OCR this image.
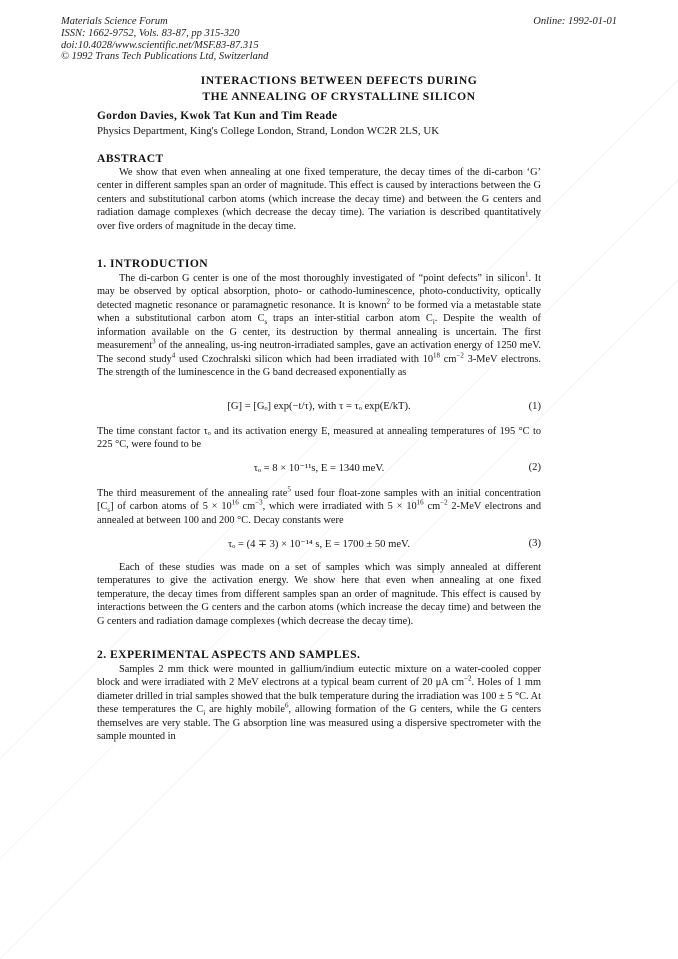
Materials Science Forum
ISSN: 1662-9752, Vols. 83-87, pp 315-320
doi:10.4028/www.scientific.net/MSF.83-87.315
© 1992 Trans Tech Publications Ltd, Switzerland
Online: 1992-01-01
INTERACTIONS BETWEEN DEFECTS DURING
THE ANNEALING OF CRYSTALLINE SILICON
Gordon Davies, Kwok Tat Kun and Tim Reade
Physics Department, King's College London, Strand, London WC2R 2LS, UK
ABSTRACT

We show that even when annealing at one fixed temperature, the decay times of the di-carbon ‘G’ center in different samples span an order of magnitude. This effect is caused by interactions between the G centers and substitutional carbon atoms (which increase the decay time) and between the G centers and radiation damage complexes (which decrease the decay time). The variation is described quantitatively over five orders of magnitude in the decay time.

1. INTRODUCTION

The di-carbon G center is one of the most thoroughly investigated of “point defects” in silicon$^1$. It may be observed by optical absorption, photo- or cathodo-luminescence, photo-conductivity, optically detected magnetic resonance or paramagnetic resonance. It is known$^2$ to be formed via a metastable state when a substitutional carbon atom $C_s$ traps an inter-stitial carbon atom $C_i$. Despite the wealth of information available on the G center, its destruction by thermal annealing is uncertain. The first measurement$^3$ of the annealing, us-ing neutron-irradiated samples, gave an activation energy of 1250 meV. The second study$^4$ used Czochralski silicon which had been irradiated with $10^{18}$ $cm^{-2}$ 3-MeV electrons. The strength of the luminescence in the G band decreased exponentially as

[G] = [Gₒ] exp(−t/τ), with τ = τₒ exp(E/kT).	(1)

The time constant factor τₒ and its activation energy E, measured at annealing temperatures of 195 °C to 225 °C, were found to be

τₒ = 8 × 10⁻¹¹s, E = 1340 meV.	(2)

The third measurement of the annealing rate$^5$ used four float-zone samples with an initial concentration $[C_s]$ of carbon atoms of $5 \times 10^{16}$ $cm^{-3}$, which were irradiated with $5 \times 10^{16}$ $cm^{-2}$ 2-MeV electrons and annealed at between 100 and 200 °C. Decay constants were

τₒ = (4 ∓ 3) × 10⁻¹⁴ s, E = 1700 ± 50 meV.	(3)

Each of these studies was made on a set of samples which was simply annealed at different temperatures to give the activation energy. We show here that even when annealing at one fixed temperature, the decay times from different samples span an order of magnitude. This effect is caused by interactions between the G centers and the carbon atoms (which increase the decay time) and between the G centers and radiation damage complexes (which decrease the decay time).

2. EXPERIMENTAL ASPECTS AND SAMPLES.

Samples 2 mm thick were mounted in gallium/indium eutectic mixture on a water-cooled copper block and were irradiated with 2 MeV electrons at a typical beam current of 20 μA $cm^{-2}$. Holes of 1 mm diameter drilled in trial samples showed that the bulk temperature during the irradiation was 100 ± 5 °C. At these temperatures the $C_i$ are highly mobile$^6$, allowing formation of the G centers, while the G centers themselves are very stable. The G absorption line was measured using a dispersive spectrometer with the sample mounted in
